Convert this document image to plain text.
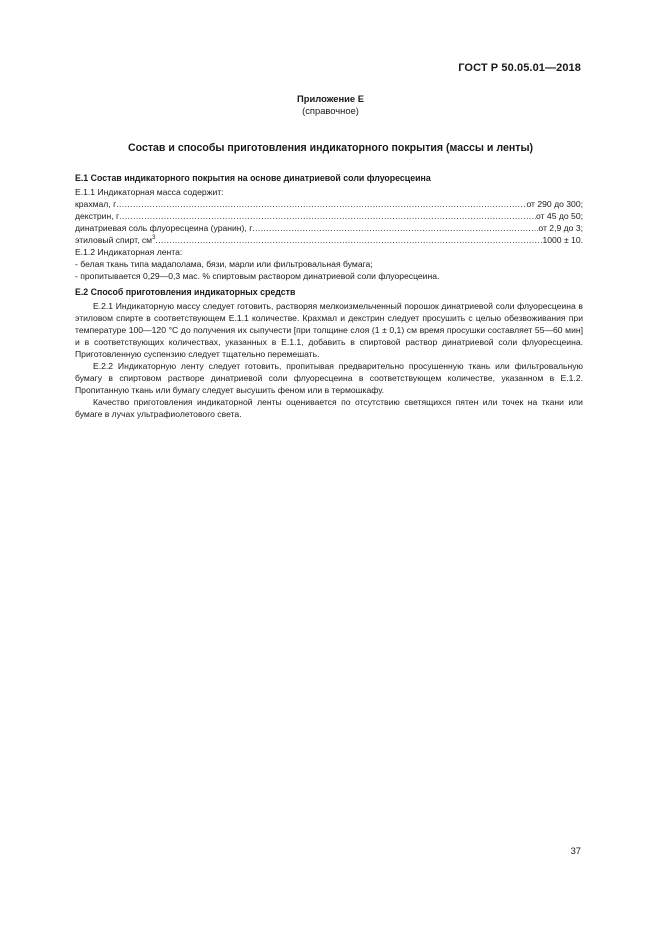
ГОСТ Р 50.05.01—2018
Приложение Е
(справочное)
Состав и способы приготовления индикаторного покрытия (массы и ленты)

Е.1 Состав индикаторного покрытия на основе динатриевой соли флуоресцеина

Е.1.1 Индикаторная масса содержит:

крахмал, г .....	от 290 до 300;
декстрин, г .....	от 45 до 50;
динатриевая соль флуоресцеина (уранин), г .....	от 2,9 до 3;
этиловый спирт, $см^3$ .....	1000 ± 10.

Е.1.2 Индикаторная лента:

- белая ткань типа мадаполама, бязи, марли или фильтровальная бумага;

- пропитывается 0,29—0,3 мас. % спиртовым раствором динатриевой соли флуоресцеина.

Е.2 Способ приготовления индикаторных средств

Е.2.1 Индикаторную массу следует готовить, растворяя мелкоизмельченный порошок динатриевой соли флуоресцеина в этиловом спирте в соответствующем Е.1.1 количестве. Крахмал и декстрин следует просушить с целью обезвоживания при температуре 100—120 °С до получения их сыпучести [при толщине слоя (1 ± 0,1) см время просушки составляет 55—60 мин] и в соответствующих количествах, указанных в Е.1.1, добавить в спиртовой раствор динатриевой соли флуоресцеина. Приготовленную суспензию следует тщательно перемешать.

Е.2.2 Индикаторную ленту следует готовить, пропитывая предварительно просушенную ткань или фильтровальную бумагу в спиртовом растворе динатриевой соли флуоресцеина в соответствующем количестве, указанном в Е.1.2. Пропитанную ткань или бумагу следует высушить феном или в термошкафу.

Качество приготовления индикаторной ленты оценивается по отсутствию светящихся пятен или точек на ткани или бумаге в лучах ультрафиолетового света.

37
